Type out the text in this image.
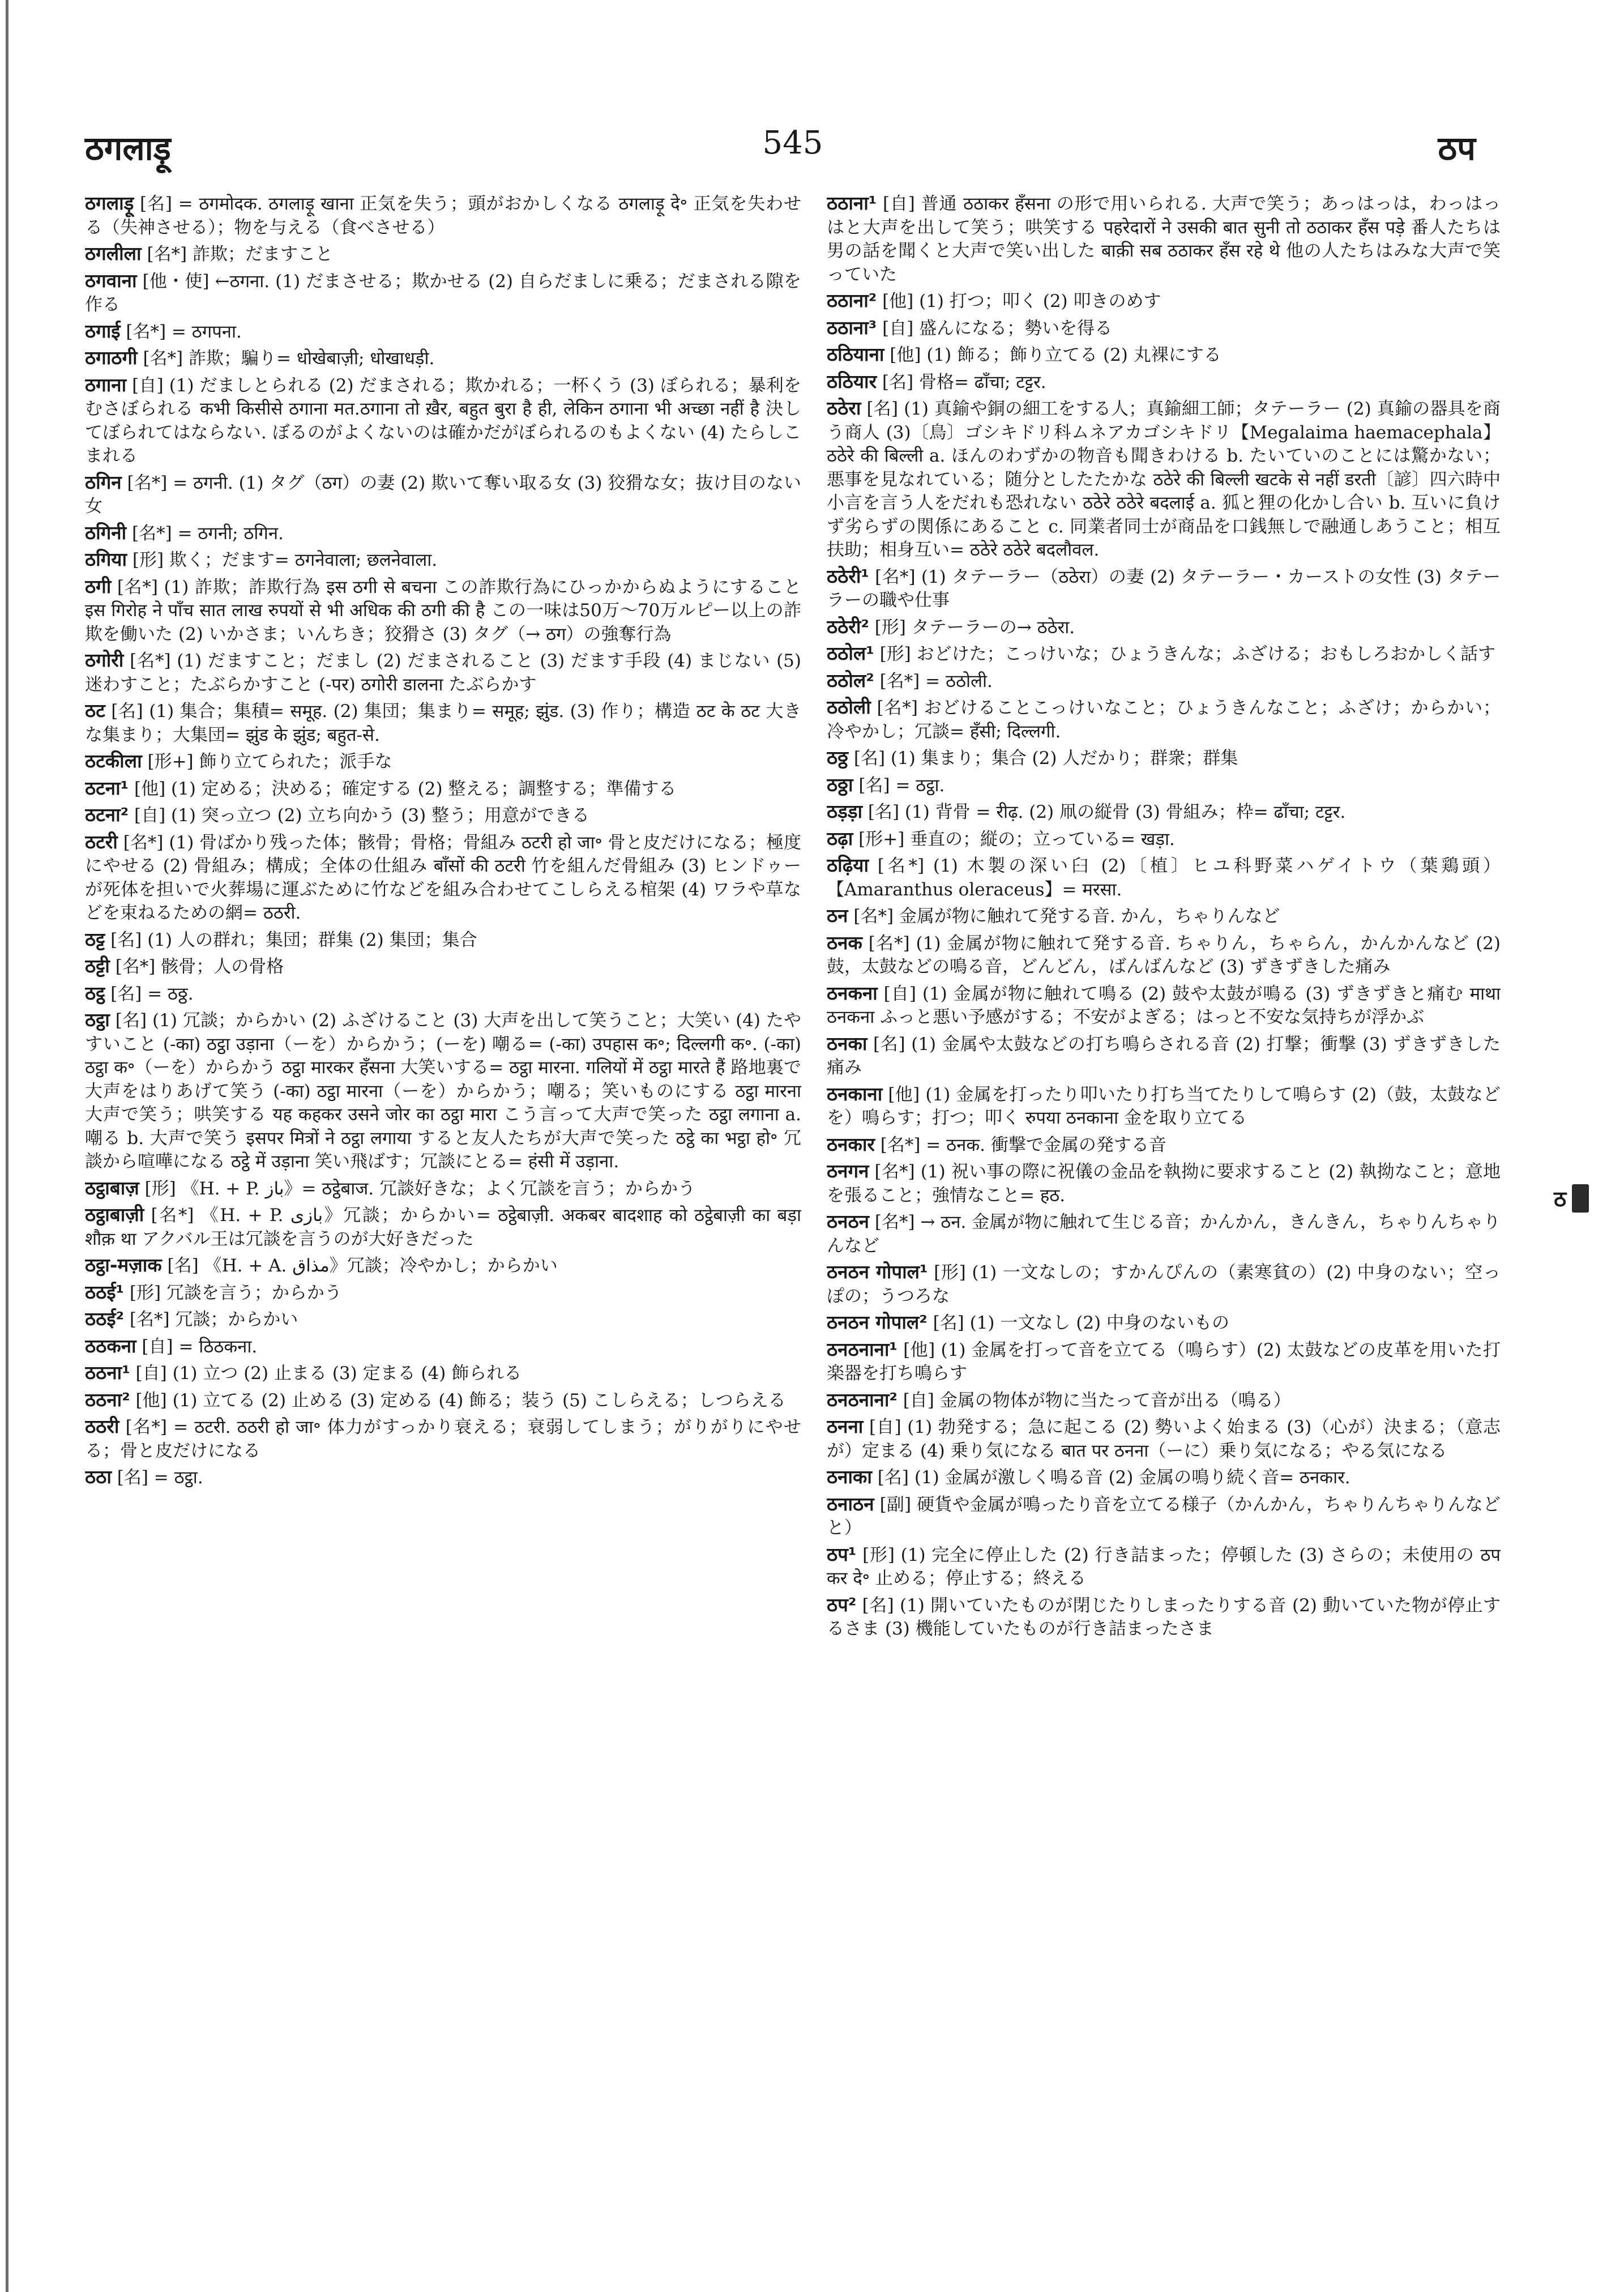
ठगलाड़ू	545	ठप

ठगलाड़ू [名] = ठगमोदक. ठगलाड़ू खाना 正気を失う；頭がおかしくなる ठगलाड़ू दे॰ 正気を失わせる（失神させる）；物を与える（食べさせる）

ठगलीला [名*] 詐欺；だますこと

ठगवाना [他・使] ←ठगना. (1) だまさせる；欺かせる (2) 自らだましに乗る；だまされる隙を作る

ठगाई [名*] = ठगपना.

ठगाठगी [名*] 詐欺；騙り= धोखेबाज़ी; धोखाधड़ी.

ठगाना [自] (1) だましとられる (2) だまされる；欺かれる；一杯くう (3) ぼられる；暴利をむさぼられる कभी किसीसे ठगाना मत.ठगाना तो ख़ैर, बहुत बुरा है ही, लेकिन ठगाना भी अच्छा नहीं है 決してぼられてはならない. ぼるのがよくないのは確かだがぼられるのもよくない (4) たらしこまれる

ठगिन [名*] = ठगनी. (1) タグ（ठग）の妻 (2) 欺いて奪い取る女 (3) 狡猾な女；抜け目のない女

ठगिनी [名*] = ठगनी; ठगिन.

ठगिया [形] 欺く；だます= ठगनेवाला; छलनेवाला.

ठगी [名*] (1) 詐欺；詐欺行為 इस ठगी से बचना この詐欺行為にひっかからぬようにすること इस गिरोह ने पाँच सात लाख रुपयों से भी अधिक की ठगी की है この一味は50万〜70万ルピー以上の詐欺を働いた (2) いかさま；いんちき；狡猾さ (3) タグ（→ ठग）の強奪行為

ठगोरी [名*] (1) だますこと；だまし (2) だまされること (3) だます手段 (4) まじない (5) 迷わすこと；たぶらかすこと (-पर) ठगोरी डालना たぶらかす

ठट [名] (1) 集合；集積= समूह. (2) 集団；集まり= समूह; झुंड. (3) 作り；構造 ठट के ठट 大きな集まり；大集団= झुंड के झुंड; बहुत-से.

ठटकीला [形+] 飾り立てられた；派手な

ठटना¹ [他] (1) 定める；決める；確定する (2) 整える；調整する；準備する

ठटना² [自] (1) 突っ立つ (2) 立ち向かう (3) 整う；用意ができる

ठटरी [名*] (1) 骨ばかり残った体；骸骨；骨格；骨組み ठटरी हो जा॰ 骨と皮だけになる；極度にやせる (2) 骨組み；構成；全体の仕組み बाँसों की ठटरी 竹を組んだ骨組み (3) ヒンドゥーが死体を担いで火葬場に運ぶために竹などを組み合わせてこしらえる棺架 (4) ワラや草などを束ねるための網= ठठरी.

ठट्ट [名] (1) 人の群れ；集団；群集 (2) 集団；集合

ठट्टी [名*] 骸骨；人の骨格

ठट्ठ [名] = ठठ्ठ.

ठट्ठा [名] (1) 冗談；からかい (2) ふざけること (3) 大声を出して笑うこと；大笑い (4) たやすいこと (-का) ठट्ठा उड़ाना（ーを）からかう；(ーを) 嘲る= (-का) उपहास क॰; दिल्लगी क॰. (-का) ठट्ठा क॰（ーを）からかう ठट्ठा मारकर हँसना 大笑いする= ठट्ठा मारना. गलियों में ठट्ठा मारते हैं 路地裏で大声をはりあげて笑う (-का) ठट्ठा मारना（ーを）からかう；嘲る；笑いものにする ठट्ठा मारना 大声で笑う；哄笑する यह कहकर उसने जोर का ठट्ठा मारा こう言って大声で笑った ठट्ठा लगाना a. 嘲る b. 大声で笑う इसपर मित्रों ने ठट्ठा लगाया すると友人たちが大声で笑った ठट्ठे का भट्ठा हो॰ 冗談から喧嘩になる ठट्ठे में उड़ाना 笑い飛ばす；冗談にとる= हंसी में उड़ाना.

ठट्ठाबाज़ [形] 《H. + P. باز》= ठट्ठेबाज. 冗談好きな；よく冗談を言う；からかう

ठट्ठाबाज़ी [名*] 《H. + P. بازی》冗談；からかい= ठट्ठेबाज़ी. अकबर बादशाह को ठट्ठेबाज़ी का बड़ा शौक़ था アクバル王は冗談を言うのが大好きだった

ठट्ठा-मज़ाक [名] 《H. + A. مذاق》冗談；冷やかし；からかい

ठठई¹ [形] 冗談を言う；からかう

ठठई² [名*] 冗談；からかい

ठठकना [自] = ठिठकना.

ठठना¹ [自] (1) 立つ (2) 止まる (3) 定まる (4) 飾られる

ठठना² [他] (1) 立てる (2) 止める (3) 定める (4) 飾る；装う (5) こしらえる；しつらえる

ठठरी [名*] = ठटरी. ठठरी हो जा॰ 体力がすっかり衰える；衰弱してしまう；がりがりにやせる；骨と皮だけになる

ठठा [名] = ठट्ठा.

ठठाना¹ [自] 普通 ठठाकर हँसना の形で用いられる. 大声で笑う；あっはっは，わっはっはと大声を出して笑う；哄笑する पहरेदारों ने उसकी बात सुनी तो ठठाकर हँस पड़े 番人たちは男の話を聞くと大声で笑い出した बाक़ी सब ठठाकर हँस रहे थे 他の人たちはみな大声で笑っていた

ठठाना² [他] (1) 打つ；叩く (2) 叩きのめす

ठठाना³ [自] 盛んになる；勢いを得る

ठठियाना [他] (1) 飾る；飾り立てる (2) 丸裸にする

ठठियार [名] 骨格= ढाँचा; टट्टर.

ठठेरा [名] (1) 真鍮や銅の細工をする人；真鍮細工師；タテーラー (2) 真鍮の器具を商う商人 (3)〔鳥〕ゴシキドリ科ムネアカゴシキドリ【Megalaima haemacephala】ठठेरे की बिल्ली a. ほんのわずかの物音も聞きわける b. たいていのことには驚かない；悪事を見なれている；随分としたたかな ठठेरे की बिल्ली खटके से नहीं डरती〔諺〕四六時中小言を言う人をだれも恐れない ठठेरे ठठेरे बदलाई a. 狐と狸の化かし合い b. 互いに負けず劣らずの関係にあること c. 同業者同士が商品を口銭無しで融通しあうこと；相互扶助；相身互い= ठठेरे ठठेरे बदलौवल.

ठठेरी¹ [名*] (1) タテーラー（ठठेरा）の妻 (2) タテーラー・カーストの女性 (3) タテーラーの職や仕事

ठठेरी² [形] タテーラーの→ ठठेरा.

ठठोल¹ [形] おどけた；こっけいな；ひょうきんな；ふざける；おもしろおかしく話す

ठठोल² [名*] = ठठोली.

ठठोली [名*] おどけることこっけいなこと；ひょうきんなこと；ふざけ；からかい；冷やかし；冗談= हँसी; दिल्लगी.

ठठ्ठ [名] (1) 集まり；集合 (2) 人だかり；群衆；群集

ठठ्ठा [名] = ठट्ठा.

ठड़ड़ा [名] (1) 背骨 = रीढ़. (2) 凧の縦骨 (3) 骨組み；枠= ढाँचा; टट्टर.

ठढ़ा [形+] 垂直の；縦の；立っている= खड़ा.

ठढ़िया [名*] (1) 木製の深い臼 (2)〔植〕ヒユ科野菜ハゲイトウ（葉鶏頭）【Amaranthus oleraceus】= मरसा.

ठन [名*] 金属が物に触れて発する音. かん，ちゃりんなど

ठनक [名*] (1) 金属が物に触れて発する音. ちゃりん，ちゃらん，かんかんなど (2) 鼓，太鼓などの鳴る音，どんどん，ばんばんなど (3) ずきずきした痛み

ठनकना [自] (1) 金属が物に触れて鳴る (2) 鼓や太鼓が鳴る (3) ずきずきと痛む माथा ठनकना ふっと悪い予感がする；不安がよぎる；はっと不安な気持ちが浮かぶ

ठनका [名] (1) 金属や太鼓などの打ち鳴らされる音 (2) 打撃；衝撃 (3) ずきずきした痛み

ठनकाना [他] (1) 金属を打ったり叩いたり打ち当てたりして鳴らす (2)（鼓，太鼓などを）鳴らす；打つ；叩く रुपया ठनकाना 金を取り立てる

ठनकार [名*] = ठनक. 衝撃で金属の発する音

ठनगन [名*] (1) 祝い事の際に祝儀の金品を執拗に要求すること (2) 執拗なこと；意地を張ること；強情なこと= हठ.

ठनठन [名*] → ठन. 金属が物に触れて生じる音；かんかん，きんきん，ちゃりんちゃりんなど

ठनठन गोपाल¹ [形] (1) 一文なしの；すかんぴんの（素寒貧の）(2) 中身のない；空っぽの；うつろな

ठनठन गोपाल² [名] (1) 一文なし (2) 中身のないもの

ठनठनाना¹ [他] (1) 金属を打って音を立てる（鳴らす）(2) 太鼓などの皮革を用いた打楽器を打ち鳴らす

ठनठनाना² [自] 金属の物体が物に当たって音が出る（鳴る）

ठनना [自] (1) 勃発する；急に起こる (2) 勢いよく始まる (3)（心が）決まる；（意志が）定まる (4) 乗り気になる बात पर ठनना（ーに）乗り気になる；やる気になる

ठनाका [名] (1) 金属が激しく鳴る音 (2) 金属の鳴り続く音= ठनकार.

ठनाठन [副] 硬貨や金属が鳴ったり音を立てる様子（かんかん，ちゃりんちゃりんなどと）

ठप¹ [形] (1) 完全に停止した (2) 行き詰まった；停頓した (3) さらの；未使用の ठप कर दे॰ 止める；停止する；終える

ठप² [名] (1) 開いていたものが閉じたりしまったりする音 (2) 動いていた物が停止するさま (3) 機能していたものが行き詰まったさま

ठ
